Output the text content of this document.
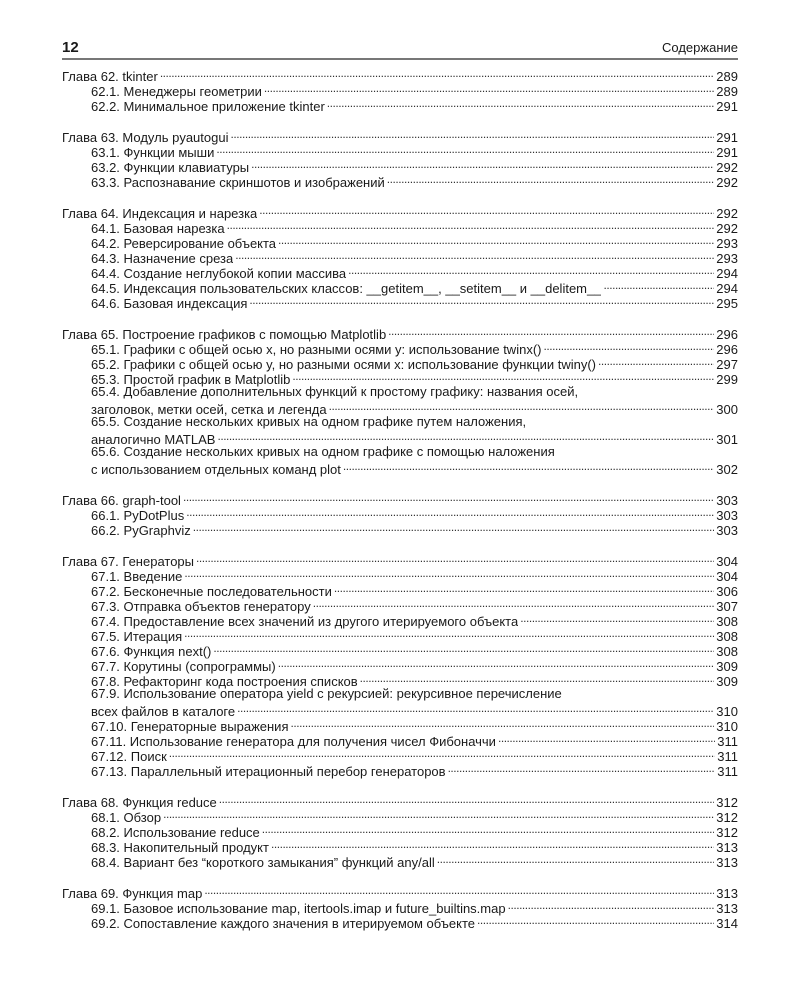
12	Содержание
Глава 62. tkinter . . .	289
62.1. Менеджеры геометрии . . .	289
62.2. Минимальное приложение tkinter . . .	291
Глава 63. Модуль pyautogui . . .	291
63.1. Функции мыши . . .	291
63.2. Функции клавиатуры . . .	292
63.3. Распознавание скриншотов и изображений . . .	292
Глава 64. Индексация и нарезка . . .	292
64.1. Базовая нарезка . . .	292
64.2. Реверсирование объекта . . .	293
64.3. Назначение среза . . .	293
64.4. Создание неглубокой копии массива . . .	294
64.5. Индексация пользовательских классов: __getitem__, __setitem__ и __delitem__ . . .	294
64.6. Базовая индексация . . .	295
Глава 65. Построение графиков с помощью Matplotlib . . .	296
65.1. Графики с общей осью x, но разными осями y: использование twinx() . . .	296
65.2. Графики с общей осью y, но разными осями x: использование функции twiny() . . .	297
65.3. Простой график в Matplotlib . . .	299
65.4. Добавление дополнительных функций к простому графику: названия осей,
заголовок, метки осей, сетка и легенда . . .	300
65.5. Создание нескольких кривых на одном графике путем наложения,
аналогично MATLAB . . .	301
65.6. Создание нескольких кривых на одном графике с помощью наложения
с использованием отдельных команд plot . . .	302
Глава 66. graph-tool . . .	303
66.1. PyDotPlus . . .	303
66.2. PyGraphviz . . .	303
Глава 67. Генераторы . . .	304
67.1. Введение . . .	304
67.2. Бесконечные последовательности . . .	306
67.3. Отправка объектов генератору . . .	307
67.4. Предоставление всех значений из другого итерируемого объекта . . .	308
67.5. Итерация . . .	308
67.6. Функция next() . . .	308
67.7. Корутины (сопрограммы) . . .	309
67.8. Рефакторинг кода построения списков . . .	309
67.9. Использование оператора yield с рекурсией: рекурсивное перечисление
всех файлов в каталоге . . .	310
67.10. Генераторные выражения . . .	310
67.11. Использование генератора для получения чисел Фибоначчи . . .	311
67.12. Поиск . . .	311
67.13. Параллельный итерационный перебор генераторов . . .	311
Глава 68. Функция reduce . . .	312
68.1. Обзор . . .	312
68.2. Использование reduce . . .	312
68.3. Накопительный продукт . . .	313
68.4. Вариант без “короткого замыкания” функций any/all . . .	313
Глава 69. Функция map . . .	313
69.1. Базовое использование map, itertools.imap и future_builtins.map . . .	313
69.2. Сопоставление каждого значения в итерируемом объекте . . .	314
